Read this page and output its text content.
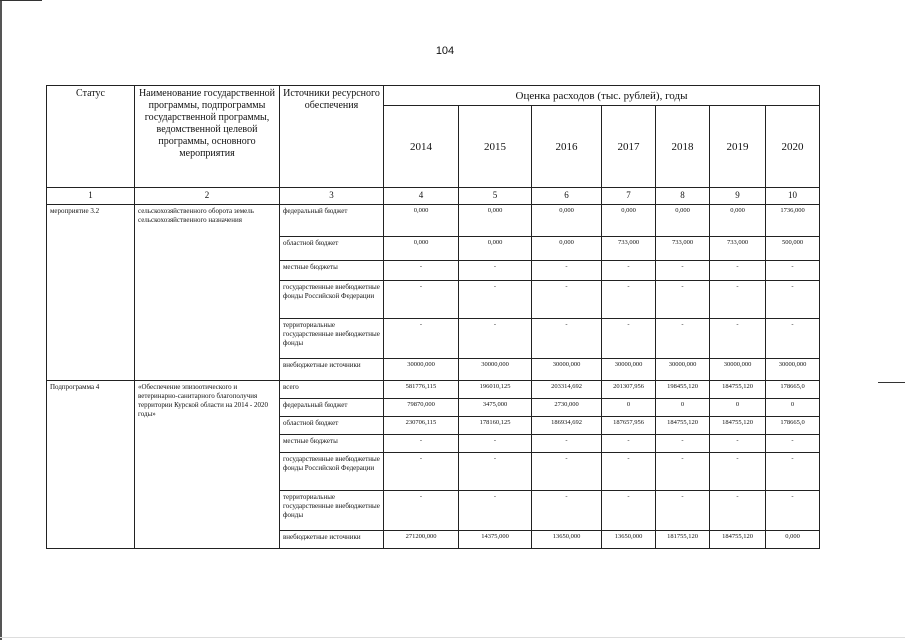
104
Статус	Наименование государственной программы, подпрограммы государственной программы, ведомственной целевой программы, основного мероприятия	Источники ресурсного обеспечения	Оценка расходов (тыс. рублей), годы						
			2014	2015	2016	2017	2018	2019	2020
1	2	3	4	5	6	7	8	9	10
мероприятие 3.2	сельскохозяйственного оборота земель сельскохозяйственного назначения	федеральный бюджет	0,000	0,000	0,000	0,000	0,000	0,000	1736,000
		областной бюджет	0,000	0,000	0,000	733,000	733,000	733,000	500,000
		местные бюджеты	-	-	-	-	-	-	-
		государственные внебюджетные фонды Российской Федерации	-	-	-	-	-	-	-
		территориальные государственные внебюджетные фонды	-	-	-	-	-	-	-
		внебюджетные источники	30000,000	30000,000	30000,000	30000,000	30000,000	30000,000	30000,000
Подпрограмма 4	«Обеспечение эпизоотического и ветеринарно-санитарного благополучия территории Курской области на 2014 - 2020 годы»	всего	581776,115	196010,125	203314,692	201307,956	198455,120	184755,120	178665,0
		федеральный бюджет	79870,000	3475,000	2730,000	0	0	0	0
		областной бюджет	230706,115	178160,125	186934,692	187657,956	184755,120	184755,120	178665,0
		местные бюджеты	-	-	-	-	-	-	-
		государственные внебюджетные фонды Российской Федерации	-	-	-	-	-	-	-
		территориальные государственные внебюджетные фонды	-	-	-	-	-	-	-
		внебюджетные источники	271200,000	14375,000	13650,000	13650,000	181755,120	184755,120	0,000
